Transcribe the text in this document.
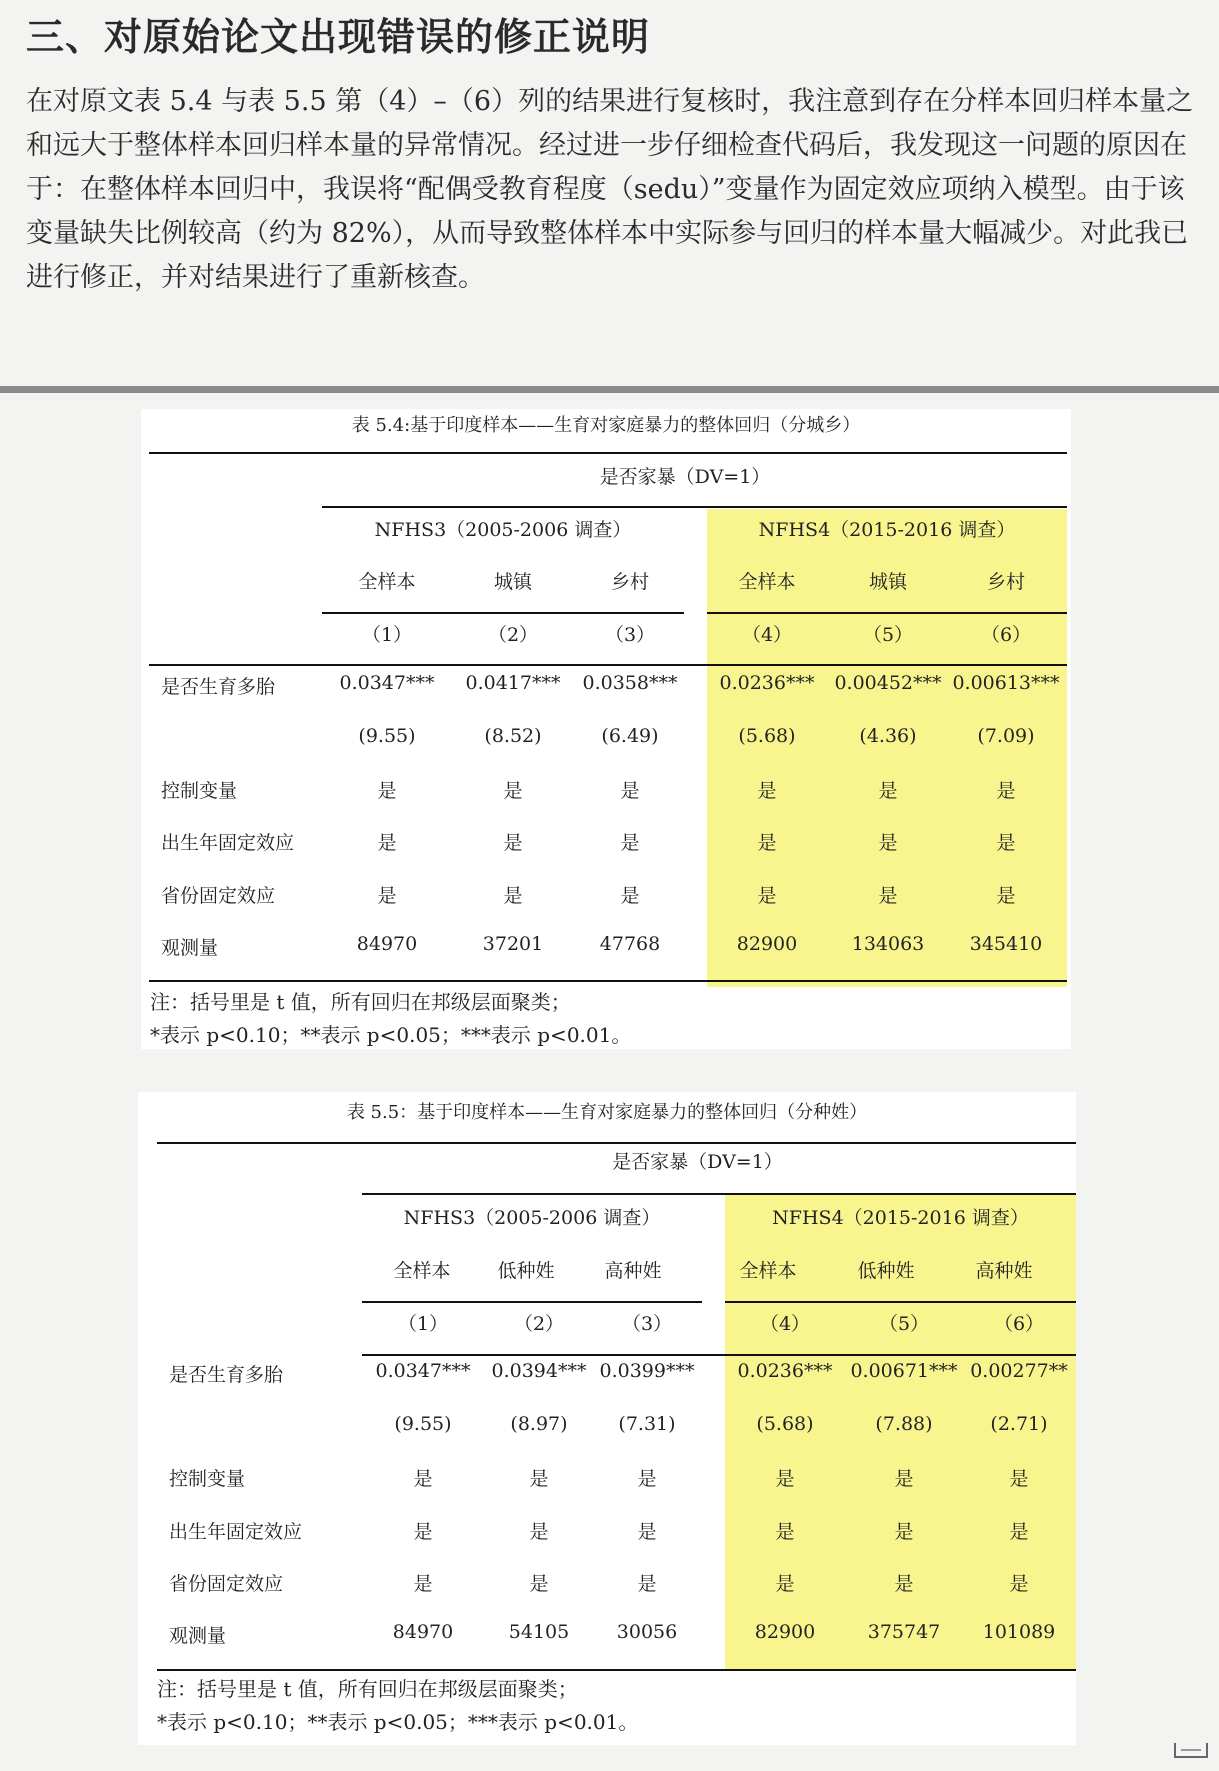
三、对原始论文出现错误的修正说明
在对原文表 5.4 与表 5.5 第（4）–（6）列的结果进行复核时，我注意到存在分样本回归样本量之和远大于整体样本回归样本量的异常情况。经过进一步仔细检查代码后，我发现这一问题的原因在于：在整体样本回归中，我误将“配偶受教育程度（sedu）”变量作为固定效应项纳入模型。由于该变量缺失比例较高（约为 82%），从而导致整体样本中实际参与回归的样本量大幅减少。对此我已进行修正，并对结果进行了重新核查。
表 5.4:基于印度样本——生育对家庭暴力的整体回归（分城乡）
是否家暴（DV=1）
NFHS3（2005-2006 调查）	NFHS4（2015-2016 调查）
全样本	城镇	乡村	全样本	城镇	乡村
（1）	（2）	（3）	（4）	（5）	（6）
是否生育多胎	0.0347***	0.0417***	0.0358***	0.0236***	0.00452*** 0.00613***
(9.55)	(8.52)	(6.49)	(5.68)	(4.36)	(7.09)
控制变量	是	是	是	是	是	是
出生年固定效应	是	是	是	是	是	是
省份固定效应	是	是	是	是	是	是
观测量	84970	37201	47768	82900	134063	345410
注：括号里是 t 值，所有回归在邦级层面聚类；
*表示 p<0.10；**表示 p<0.05；***表示 p<0.01。
表 5.5：基于印度样本——生育对家庭暴力的整体回归（分种姓）
是否家暴（DV=1）
NFHS3（2005-2006 调查）	NFHS4（2015-2016 调查）
全样本	低种姓	高种姓	全样本	低种姓	高种姓
（1）	（2）	（3）	（4）	（5）	（6）
是否生育多胎	0.0347***	0.0394*** 0.0399***	0.0236*** 0.00671*** 0.00277**
(9.55)	(8.97)	(7.31)	(5.68)	(7.88)	(2.71)
控制变量	是	是	是	是	是	是
出生年固定效应	是	是	是	是	是	是
省份固定效应	是	是	是	是	是	是
观测量	84970	54105	30056	82900	375747	101089
注：括号里是 t 值，所有回归在邦级层面聚类；
*表示 p<0.10；**表示 p<0.05；***表示 p<0.01。
